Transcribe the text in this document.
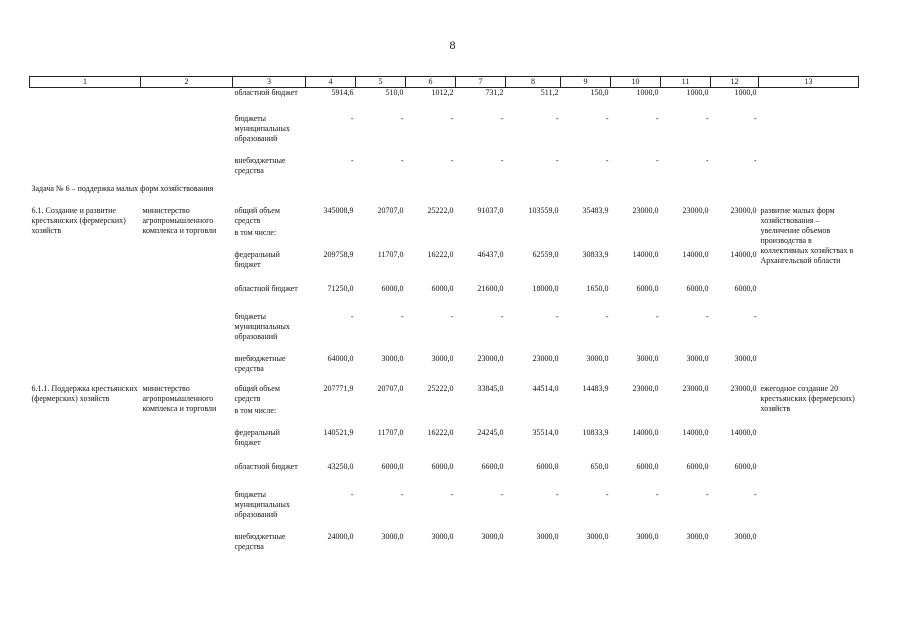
8
1	2	3	4	5	6	7	8	9	10	11	12	13
		областной бюджет	5914,6	510,0	1012,2	731,2	511,2	150,0	1000,0	1000,0	1000,0	
		бюджеты муниципальных образований	-	-	-	-	-	-	-	-	-	
		внебюджетные средства	-	-	-	-	-	-	-	-	-	
Задача № 6 – поддержка малых форм хозяйствования												
6.1. Создание и развитие крестьянских (фермерских) хозяйств	министерство агропромышленного комплекса и торговли	общий объем средств	345008,9	20707,0	25222,0	91037,0	103559,0	35483,9	23000,0	23000,0	23000,0	развитие малых форм хозяйствования – увеличение объемов производства в коллективных хозяйствах в Архангельской области
		в том числе:										
		федеральный бюджет	209758,9	11707,0	16222,0	46437,0	62559,0	30833,9	14000,0	14000,0	14000,0	
		областной бюджет	71250,0	6000,0	6000,0	21600,0	18000,0	1650,0	6000,0	6000,0	6000,0	
		бюджеты муниципальных образований	-	-	-	-	-	-	-	-	-	
		внебюджетные средства	64000,0	3000,0	3000,0	23000,0	23000,0	3000,0	3000,0	3000,0	3000,0	
6.1.1. Поддержка крестьянских (фермерских) хозяйств	министерство агропромышленного комплекса и торговли	общий объем средств	207771,9	20707,0	25222,0	33845,0	44514,0	14483,9	23000,0	23000,0	23000,0	ежегодное создание 20 крестьянских (фермерских) хозяйств
		в том числе:										
		федеральный бюджет	140521,9	11707,0	16222,0	24245,0	35514,0	10833,9	14000,0	14000,0	14000,0	
		областной бюджет	43250,0	6000,0	6000,0	6600,0	6000,0	650,0	6000,0	6000,0	6000,0	
		бюджеты муниципальных образований	-	-	-	-	-	-	-	-	-	
		внебюджетные средства	24000,0	3000,0	3000,0	3000,0	3000,0	3000,0	3000,0	3000,0	3000,0	
